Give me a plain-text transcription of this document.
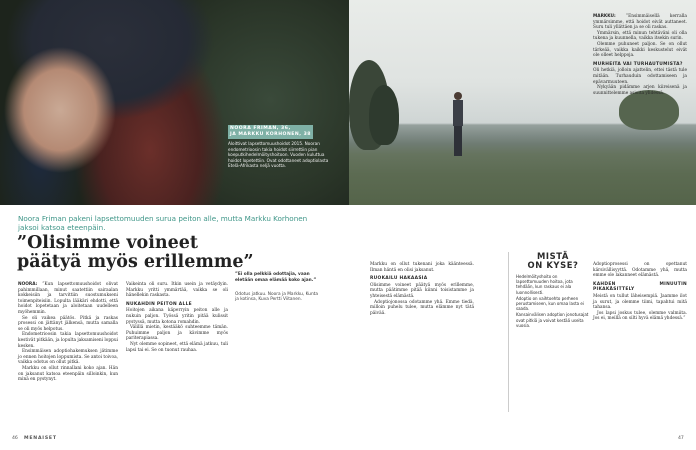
NOORA FRIMAN, 36,
JA MARKKU KORHONEN, 38
Aloittivat lapsettomuushoidot 2015. Nooran endometrioosin takia hoidot siirrettiin pian koeputkihedelmöityshoitoon. Vuoden kuluttua hoidot lopetettiin. Ovat odottaneet adoptiolasta Etelä-Afrikasta neljä vuotta.
Noora Friman pakeni lapsettomuuden surua peiton alle, mutta Markku Korhonen jaksoi katsoa eteenpäin.
”Olisimme voineet
päätyä myös erillemme”

NOORA: ”Kun lapsettomuushoidot olivat pahimmillaan, minut saatettiin sairaalan kokkeisiin ja tarvittiin suostumukseni toimenpiteisiin. Lopulta lääkäri ehdotti, että hoidot lopetetaan ja aloitetaan uudelleen myöhemmin.

Se oli vaikea päätös. Pitkä ja raskas prosessi on jättänyt jälkensä, mutta samalla se oli myös helpotus.

Endometrioosin takia lapsettomuushoidot kestivät pitkään, ja lopulta jaksamiseni loppui kesken.

Ensimmäisen adoptiohakemuksen jätimme jo ennen hoitojen loppumista. Se antoi toivoa, vaikka odotus on ollut pitkä.

Markku on ollut rinnallani koko ajan. Hän on jaksanut katsoa eteenpäin silloinkin, kun minä en pystynyt.

Vaikeinta oli suru. Itkin usein ja vetäydyin. Markku yritti ymmärtää, vaikka se oli hänellekin raskasta.

NUKAHDIN PEITON ALLE

Hoitojen aikana käperryin peiton alle ja nukuin paljon. Työssä yritin pitää kulissit pystyssä, mutta kotona romahdin.

Välillä mietin, kestääkö suhteemme tämän. Puhuimme paljon ja kävimme myös pariterapiassa.

Nyt olemme sopineet, että elämä jatkuu, tuli lapsi tai ei. Se on tuonut rauhaa.

”Ei olla pelkkiä odottajia, vaan eletään omaa elämää koko ajan.”
Odotus jatkuu. Noora ja Markku, Kunta ja kotinsa, Kuva Pertti Viitanen.

Markku on ollut tukenani joka käänteessä. Ilman häntä en olisi jaksanut.

RUOKAILU HAKAASIA

Olisimme voineet päätyä myös erillemme, mutta päätimme pitää kiinni toisistamme ja yhteisestä elämästä.

Adoptiojonossa odotamme yhä. Emme tiedä, milloin puhelu tulee, mutta elämme nyt tätä päivää.

MISTÄ
ON KYSE?

Hedelmöityshoito on lapsettomuuden hoitoa, jota tehdään, kun raskaus ei ala luonnollisesti.

Adoptio on vaihtoehto perheen perustamiseen, kun omaa lasta ei saada.

Kansainvälisen adoption jonotusajat ovat pitkiä ja voivat kestää useita vuosia.

MARKKU: ”Ensimmäisellä kerralla ymmärsimme, että hoidot eivät auttaneet. Suru tuli yllättäen ja se oli raskas.

Ymmärsin, että minun tehtäväni oli olla tukena ja kuunnella, vaikka itsekin surin.

Olemme puhuneet paljon. Se on ollut tärkeää, vaikka kaikki keskustelut eivät ole olleet helppoja.

MURHEITA VAI TURHAUTUMISTA?

Oli hetkiä, jolloin ajattelin, ettei tästä tule mitään. Turhauduin odottamiseen ja epävarmuuteen.

Nykyään pidämme arjen kiireisenä ja suunnittelemme asioita yhdessä.

Adoptioprosessi on opettanut kärsivällisyyttä. Odotamme yhä, mutta emme ole lakanneet elämästä.

KAHDEN MINUUTIN PIKAKÄSITTELY

Meistä on tullut läheisempiä. Jaamme ilot ja surut, ja olemme tiimi, tapahtui mitä tahansa.

Jos lapsi joskus tulee, olemme valmiita. Jos ei, meillä on silti hyvä elämä yhdessä.”

46 MENAISET	47
